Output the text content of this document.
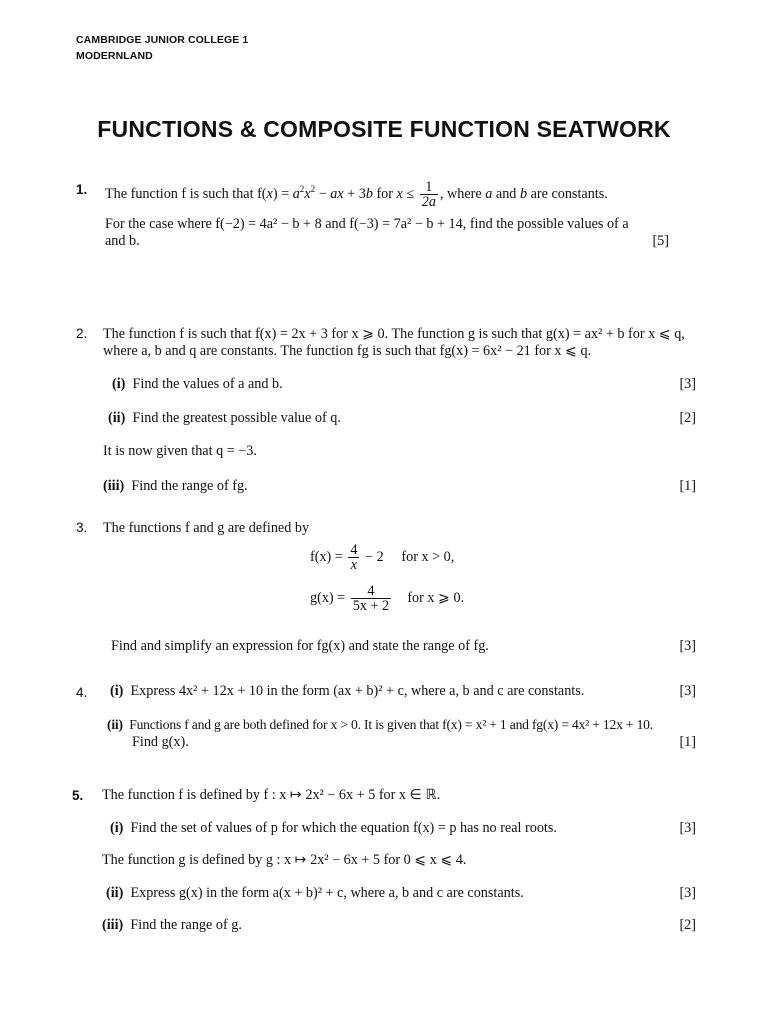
CAMBRIDGE JUNIOR COLLEGE 1
MODERNLAND
FUNCTIONS & COMPOSITE FUNCTION SEATWORK
1. The function f is such that $f(x) = a^2x^2$ − ax + 3b for $x \le \frac{1}{2a}$ , where a and b are constants.
For the case where f(−2) = 4a² − b + 8 and f(−3) = 7a² − b + 14, find the possible values of a
and b.	[5]
2. The function f is such that f(x) = 2x + 3 for x ⩾ 0. The function g is such that g(x) = ax² + b for x ⩽ q,
where a, b and q are constants. The function fg is such that fg(x) = 6x² − 21 for x ⩽ q.
(i) Find the values of a and b.	[3]
(ii) Find the greatest possible value of q.	[2]
It is now given that q = −3.
(iii) Find the range of fg.	[1]
3. The functions f and g are defined by
$f(x) = \frac{4}{x} - 2$ for x > 0,
$g(x) = \frac{4}{5x + 2}$ for x ⩾ 0.
Find and simplify an expression for fg(x) and state the range of fg.	[3]
4. (i) Express 4x² + 12x + 10 in the form (ax + b)² + c, where a, b and c are constants.	[3]
(ii) Functions f and g are both defined for x > 0. It is given that f(x) = x² + 1 and fg(x) = 4x² + 12x + 10.
Find g(x).	[1]
5. The function f is defined by f : x ↦ 2x² − 6x + 5 for x ∈ ℝ.
(i) Find the set of values of p for which the equation f(x) = p has no real roots.	[3]
The function g is defined by g : x ↦ 2x² − 6x + 5 for 0 ⩽ x ⩽ 4.
(ii) Express g(x) in the form a(x + b)² + c, where a, b and c are constants.	[3]
(iii) Find the range of g.	[2]
